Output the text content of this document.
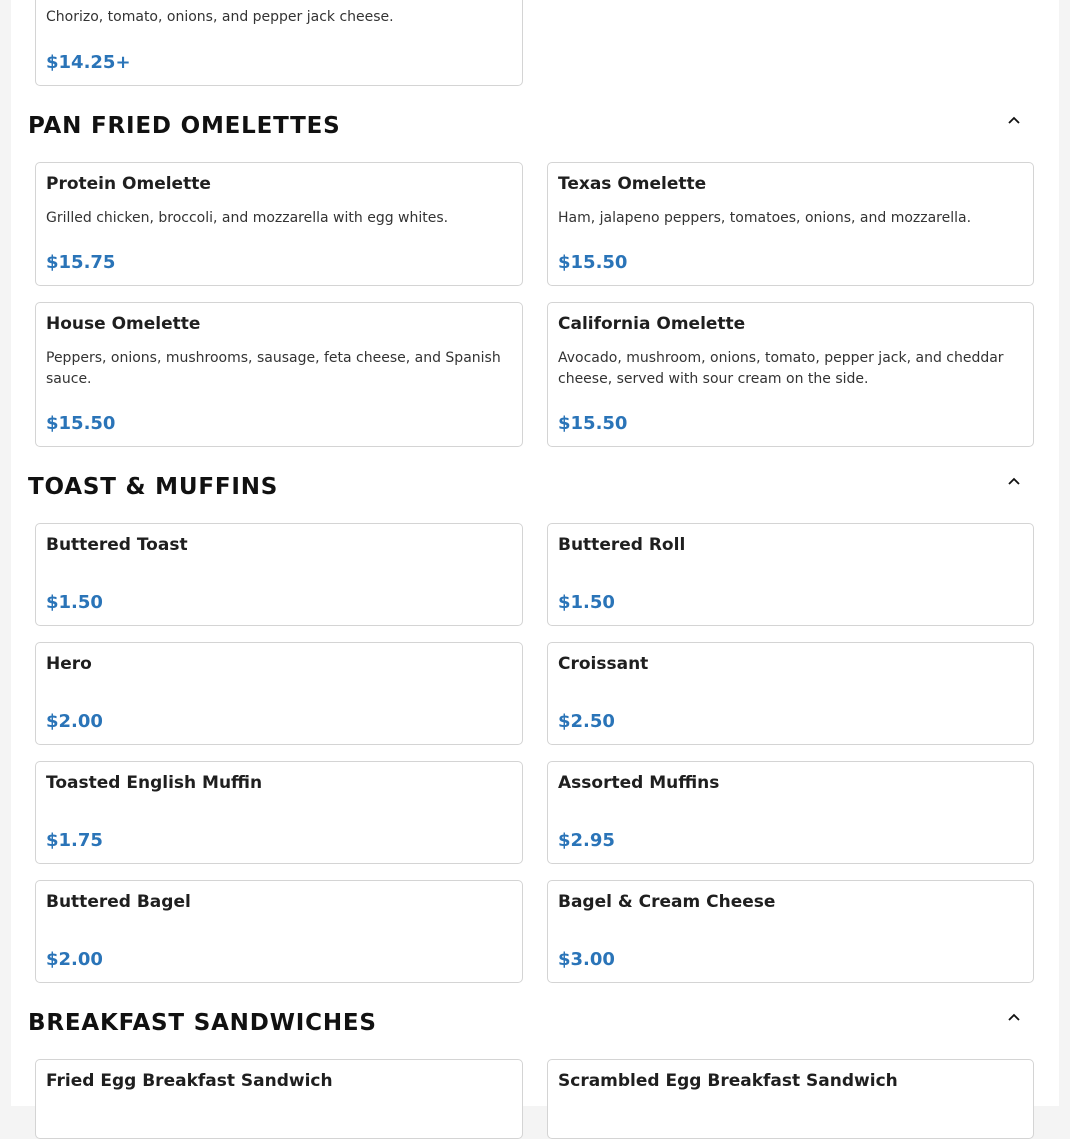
Chorizo, tomato, onions, and pepper jack cheese.
$14.25+
PAN FRIED OMELETTES
Protein Omelette
Grilled chicken, broccoli, and mozzarella with egg whites.
$15.75
Texas Omelette
Ham, jalapeno peppers, tomatoes, onions, and mozzarella.
$15.50
House Omelette
Peppers, onions, mushrooms, sausage, feta cheese, and Spanish sauce.
$15.50
California Omelette
Avocado, mushroom, onions, tomato, pepper jack, and cheddar cheese, served with sour cream on the side.
$15.50
TOAST & MUFFINS
Buttered Toast
$1.50
Buttered Roll
$1.50
Hero
$2.00
Croissant
$2.50
Toasted English Muffin
$1.75
Assorted Muffins
$2.95
Buttered Bagel
$2.00
Bagel & Cream Cheese
$3.00
BREAKFAST SANDWICHES
Fried Egg Breakfast Sandwich	Scrambled Egg Breakfast Sandwich
